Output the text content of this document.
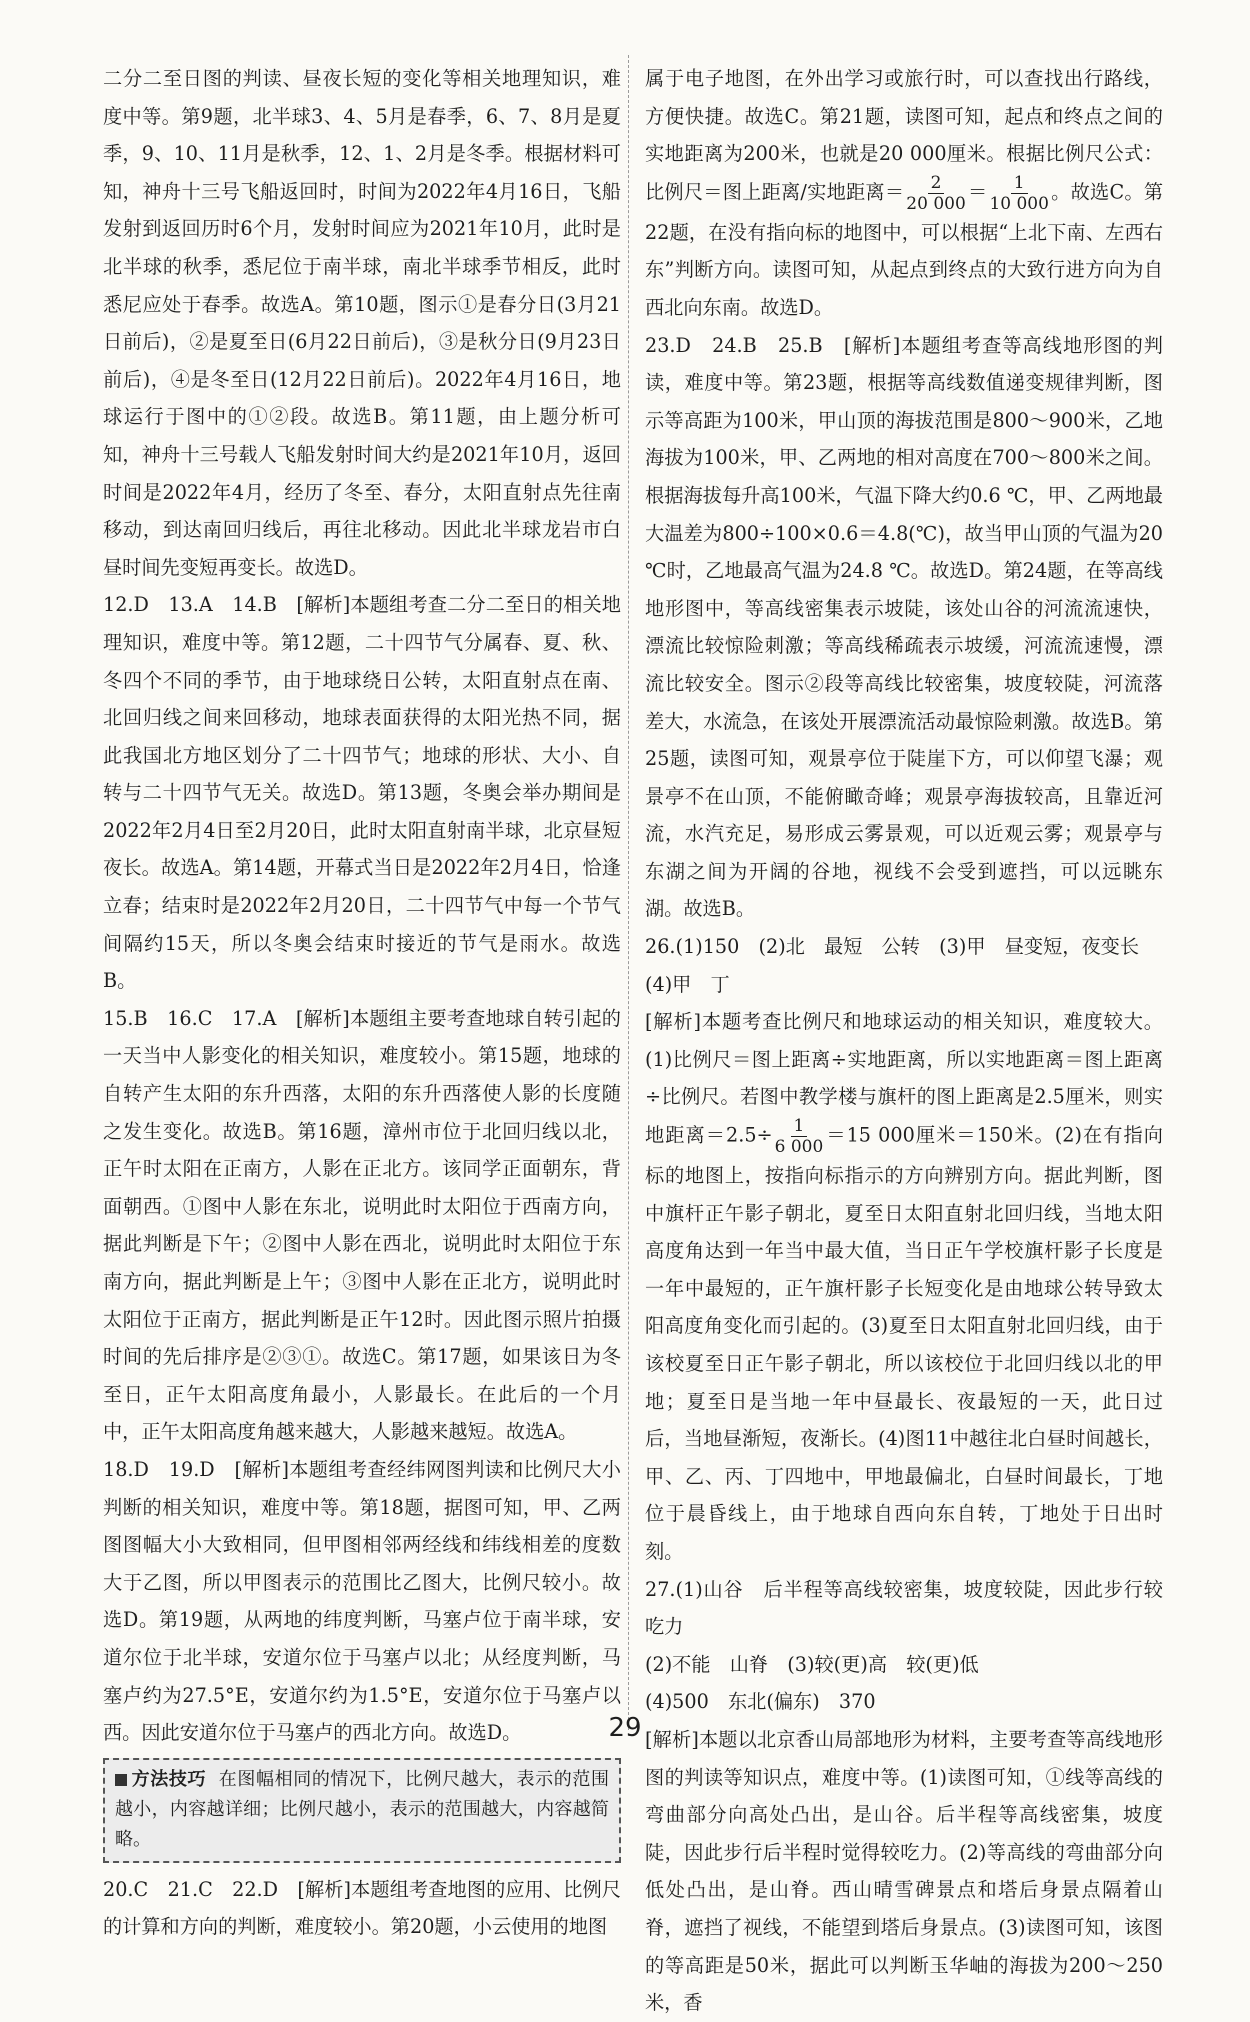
二分二至日图的判读、昼夜长短的变化等相关地理知识，难度中等。第9题，北半球3、4、5月是春季，6、7、8月是夏季，9、10、11月是秋季，12、1、2月是冬季。根据材料可知，神舟十三号飞船返回时，时间为2022年4月16日，飞船发射到返回历时6个月，发射时间应为2021年10月，此时是北半球的秋季，悉尼位于南半球，南北半球季节相反，此时悉尼应处于春季。故选A。第10题，图示①是春分日(3月21日前后)，②是夏至日(6月22日前后)，③是秋分日(9月23日前后)，④是冬至日(12月22日前后)。2022年4月16日，地球运行于图中的①②段。故选B。第11题，由上题分析可知，神舟十三号载人飞船发射时间大约是2021年10月，返回时间是2022年4月，经历了冬至、春分，太阳直射点先往南移动，到达南回归线后，再往北移动。因此北半球龙岩市白昼时间先变短再变长。故选D。

12.D　13.A　14.B　[解析]本题组考查二分二至日的相关地理知识，难度中等。第12题，二十四节气分属春、夏、秋、冬四个不同的季节，由于地球绕日公转，太阳直射点在南、北回归线之间来回移动，地球表面获得的太阳光热不同，据此我国北方地区划分了二十四节气；地球的形状、大小、自转与二十四节气无关。故选D。第13题，冬奥会举办期间是2022年2月4日至2月20日，此时太阳直射南半球，北京昼短夜长。故选A。第14题，开幕式当日是2022年2月4日，恰逢立春；结束时是2022年2月20日，二十四节气中每一个节气间隔约15天，所以冬奥会结束时接近的节气是雨水。故选B。

15.B　16.C　17.A　[解析]本题组主要考查地球自转引起的一天当中人影变化的相关知识，难度较小。第15题，地球的自转产生太阳的东升西落，太阳的东升西落使人影的长度随之发生变化。故选B。第16题，漳州市位于北回归线以北，正午时太阳在正南方，人影在正北方。该同学正面朝东，背面朝西。①图中人影在东北，说明此时太阳位于西南方向，据此判断是下午；②图中人影在西北，说明此时太阳位于东南方向，据此判断是上午；③图中人影在正北方，说明此时太阳位于正南方，据此判断是正午12时。因此图示照片拍摄时间的先后排序是②③①。故选C。第17题，如果该日为冬至日，正午太阳高度角最小，人影最长。在此后的一个月中，正午太阳高度角越来越大，人影越来越短。故选A。

18.D　19.D　[解析]本题组考查经纬网图判读和比例尺大小判断的相关知识，难度中等。第18题，据图可知，甲、乙两图图幅大小大致相同，但甲图相邻两经线和纬线相差的度数大于乙图，所以甲图表示的范围比乙图大，比例尺较小。故选D。第19题，从两地的纬度判断，马塞卢位于南半球，安道尔位于北半球，安道尔位于马塞卢以北；从经度判断，马塞卢约为27.5°E，安道尔约为1.5°E，安道尔位于马塞卢以西。因此安道尔位于马塞卢的西北方向。故选D。

方法技巧 在图幅相同的情况下，比例尺越大，表示的范围越小，内容越详细；比例尺越小，表示的范围越大，内容越简略。

20.C　21.C　22.D　[解析]本题组考查地图的应用、比例尺的计算和方向的判断，难度较小。第20题，小云使用的地图

属于电子地图，在外出学习或旅行时，可以查找出行路线，方便快捷。故选C。第21题，读图可知，起点和终点之间的实地距离为200米，也就是20 000厘米。根据比例尺公式：比例尺＝图上距离/实地距离＝ $\frac{2}{20 000} = \frac{1}{10 000}$ 。故选C。第22题，在没有指向标的地图中，可以根据“上北下南、左西右东”判断方向。读图可知，从起点到终点的大致行进方向为自西北向东南。故选D。

23.D　24.B　25.B　[解析]本题组考查等高线地形图的判读，难度中等。第23题，根据等高线数值递变规律判断，图示等高距为100米，甲山顶的海拔范围是800～900米，乙地海拔为100米，甲、乙两地的相对高度在700～800米之间。根据海拔每升高100米，气温下降大约0.6 ℃，甲、乙两地最大温差为800÷100×0.6＝4.8(℃)，故当甲山顶的气温为20 ℃时，乙地最高气温为24.8 ℃。故选D。第24题，在等高线地形图中，等高线密集表示坡陡，该处山谷的河流流速快，漂流比较惊险刺激；等高线稀疏表示坡缓，河流流速慢，漂流比较安全。图示②段等高线比较密集，坡度较陡，河流落差大，水流急，在该处开展漂流活动最惊险刺激。故选B。第25题，读图可知，观景亭位于陡崖下方，可以仰望飞瀑；观景亭不在山顶，不能俯瞰奇峰；观景亭海拔较高，且靠近河流，水汽充足，易形成云雾景观，可以近观云雾；观景亭与东湖之间为开阔的谷地，视线不会受到遮挡，可以远眺东湖。故选B。

26.(1)150　(2)北　最短　公转　(3)甲　昼变短，夜变长

(4)甲　丁

[解析]本题考查比例尺和地球运动的相关知识，难度较大。(1)比例尺＝图上距离÷实地距离，所以实地距离＝图上距离÷比例尺。若图中教学楼与旗杆的图上距离是2.5厘米，则实地距离$=2.5\div \frac{1}{6 000} =15$ 000厘米＝150米。(2)在有指向标的地图上，按指向标指示的方向辨别方向。据此判断，图中旗杆正午影子朝北，夏至日太阳直射北回归线，当地太阳高度角达到一年当中最大值，当日正午学校旗杆影子长度是一年中最短的，正午旗杆影子长短变化是由地球公转导致太阳高度角变化而引起的。(3)夏至日太阳直射北回归线，由于该校夏至日正午影子朝北，所以该校位于北回归线以北的甲地；夏至日是当地一年中昼最长、夜最短的一天，此日过后，当地昼渐短，夜渐长。(4)图11中越往北白昼时间越长，甲、乙、丙、丁四地中，甲地最偏北，白昼时间最长，丁地位于晨昏线上，由于地球自西向东自转，丁地处于日出时刻。

27.(1)山谷　后半程等高线较密集，坡度较陡，因此步行较吃力

(2)不能　山脊　(3)较(更)高　较(更)低

(4)500　东北(偏东)　370

[解析]本题以北京香山局部地形为材料，主要考查等高线地形图的判读等知识点，难度中等。(1)读图可知，①线等高线的弯曲部分向高处凸出，是山谷。后半程等高线密集，坡度陡，因此步行后半程时觉得较吃力。(2)等高线的弯曲部分向低处凸出，是山脊。西山晴雪碑景点和塔后身景点隔着山脊，遮挡了视线，不能望到塔后身景点。(3)读图可知，该图的等高距是50米，据此可以判断玉华岫的海拔为200～250米，香

29
